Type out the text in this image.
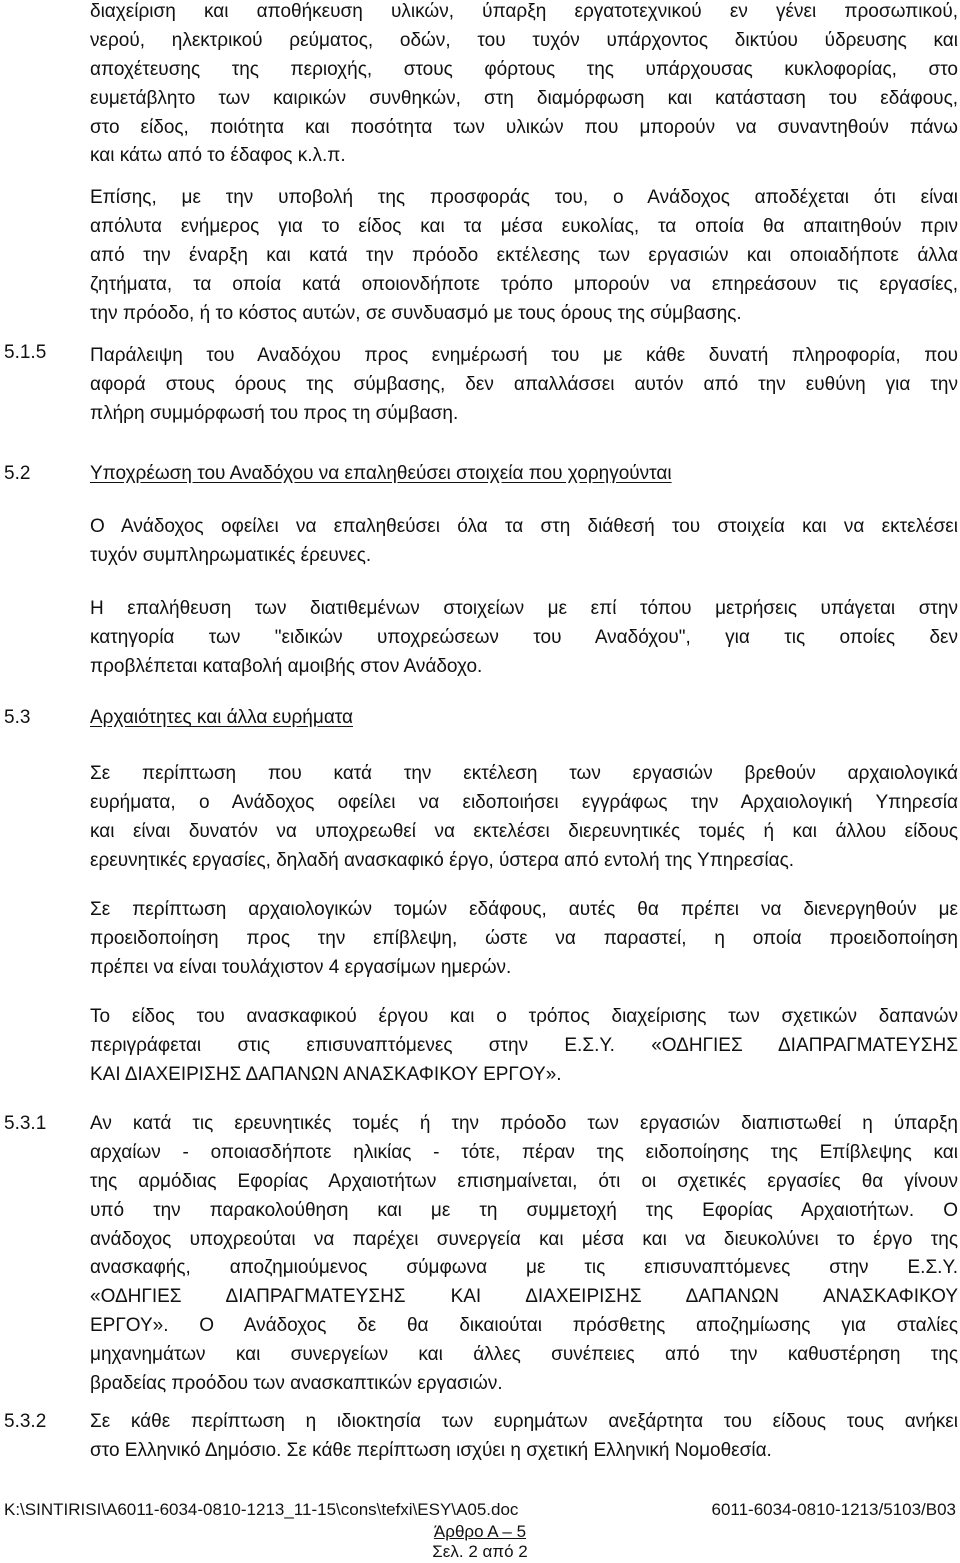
διαχείριση και αποθήκευση υλικών, ύπαρξη εργατοτεχνικού εν γένει προσωπικού,
νερού, ηλεκτρικού ρεύματος, οδών, του τυχόν υπάρχοντος δικτύου ύδρευσης και
αποχέτευσης της περιοχής, στους φόρτους της υπάρχουσας κυκλοφορίας, στο
ευμετάβλητο των καιρικών συνθηκών, στη διαμόρφωση και κατάσταση του εδάφους,
στο είδος, ποιότητα και ποσότητα των υλικών που μπορούν να συναντηθούν πάνω
και κάτω από το έδαφος κ.λ.π.
Επίσης, με την υποβολή της προσφοράς του, ο Ανάδοχος αποδέχεται ότι είναι
απόλυτα ενήμερος για το είδος και τα μέσα ευκολίας, τα οποία θα απαιτηθούν πριν
από την έναρξη και κατά την πρόοδο εκτέλεσης των εργασιών και οποιαδήποτε άλλα
ζητήματα, τα οποία κατά οποιονδήποτε τρόπο μπορούν να επηρεάσουν τις εργασίες,
την πρόοδο, ή το κόστος αυτών, σε συνδυασμό με τους όρους της σύμβασης.
5.1.5 Παράλειψη του Αναδόχου προς ενημέρωσή του με κάθε δυνατή πληροφορία, που
αφορά στους όρους της σύμβασης, δεν απαλλάσσει αυτόν από την ευθύνη για την
πλήρη συμμόρφωσή του προς τη σύμβαση.
5.2	Υποχρέωση του Αναδόχου να επαληθεύσει στοιχεία που χορηγούνται
Ο Ανάδοχος οφείλει να επαληθεύσει όλα τα στη διάθεσή του στοιχεία και να εκτελέσει
τυχόν συμπληρωματικές έρευνες.
Η επαλήθευση των διατιθεμένων στοιχείων με επί τόπου μετρήσεις υπάγεται στην
κατηγορία των "ειδικών υποχρεώσεων του Αναδόχου", για τις οποίες δεν
προβλέπεται καταβολή αμοιβής στον Ανάδοχο.
5.3	Αρχαιότητες και άλλα ευρήματα
Σε περίπτωση που κατά την εκτέλεση των εργασιών βρεθούν αρχαιολογικά
ευρήματα, ο Ανάδοχος οφείλει να ειδοποιήσει εγγράφως την Αρχαιολογική Υπηρεσία
και είναι δυνατόν να υποχρεωθεί να εκτελέσει διερευνητικές τομές ή και άλλου είδους
ερευνητικές εργασίες, δηλαδή ανασκαφικό έργο, ύστερα από εντολή της Υπηρεσίας.
Σε περίπτωση αρχαιολογικών τομών εδάφους, αυτές θα πρέπει να διενεργηθούν με
προειδοποίηση προς την επίβλεψη, ώστε να παραστεί, η οποία προειδοποίηση
πρέπει να είναι τουλάχιστον 4 εργασίμων ημερών.
Το είδος του ανασκαφικού έργου και ο τρόπος διαχείρισης των σχετικών δαπανών
περιγράφεται στις επισυναπτόμενες στην Ε.Σ.Υ. «ΟΔΗΓΙΕΣ ΔΙΑΠΡΑΓΜΑΤΕΥΣΗΣ
ΚΑΙ ΔΙΑΧΕΙΡΙΣΗΣ ΔΑΠΑΝΩΝ ΑΝΑΣΚΑΦΙΚΟΥ ΕΡΓΟΥ».
5.3.1 Αν κατά τις ερευνητικές τομές ή την πρόοδο των εργασιών διαπιστωθεί η ύπαρξη
αρχαίων - οποιασδήποτε ηλικίας - τότε, πέραν της ειδοποίησης της Επίβλεψης και
της αρμόδιας Εφορίας Αρχαιοτήτων επισημαίνεται, ότι οι σχετικές εργασίες θα γίνουν
υπό την παρακολούθηση και με τη συμμετοχή της Εφορίας Αρχαιοτήτων. Ο
ανάδοχος υποχρεούται να παρέχει συνεργεία και μέσα και να διευκολύνει το έργο της
ανασκαφής, αποζημιούμενος σύμφωνα με τις επισυναπτόμενες στην Ε.Σ.Υ.
«ΟΔΗΓΙΕΣ ΔΙΑΠΡΑΓΜΑΤΕΥΣΗΣ ΚΑΙ ΔΙΑΧΕΙΡΙΣΗΣ ΔΑΠΑΝΩΝ ΑΝΑΣΚΑΦΙΚΟΥ
ΕΡΓΟΥ». Ο Ανάδοχος δε θα δικαιούται πρόσθετης αποζημίωσης για σταλίες
μηχανημάτων και συνεργείων και άλλες συνέπειες από την καθυστέρηση της
βραδείας προόδου των ανασκαπτικών εργασιών.
5.3.2 Σε κάθε περίπτωση η ιδιοκτησία των ευρημάτων ανεξάρτητα του είδους τους ανήκει
στο Ελληνικό Δημόσιο. Σε κάθε περίπτωση ισχύει η σχετική Ελληνική Νομοθεσία.
K:\SINTIRISI\A6011-6034-0810-1213_11-15\cons\tefxi\ESY\A05.doc	6011-6034-0810-1213/5103/B03
Άρθρο Α – 5
Σελ. 2 από 2
